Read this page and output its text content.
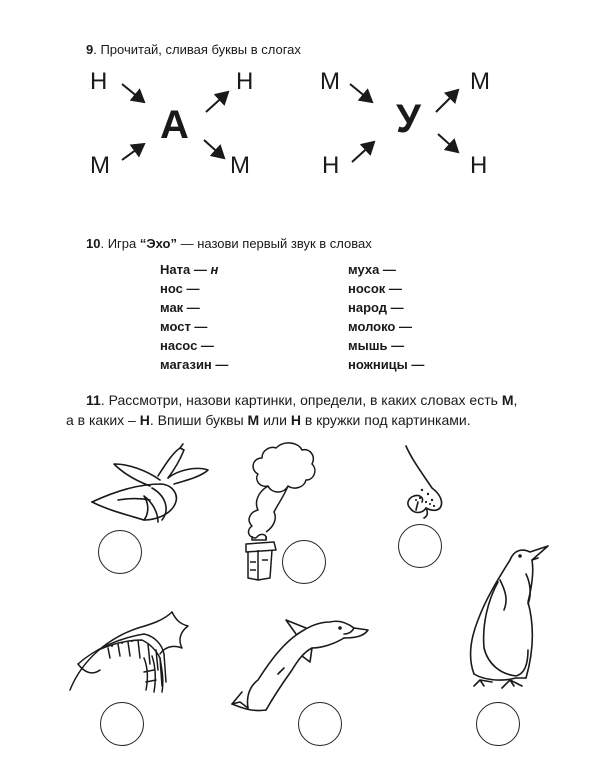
9. Прочитай, сливая буквы в слогах
Н
М
А
Н
М
М
Н
У
М
Н
10. Игра “Эхо” — назови первый звук в словах
Ната — н
нос —
мак —
мост —
насос —
магазин —
муха —
носок —
народ —
молоко —
мышь —
ножницы —
11. Рассмотри, назови картинки, определи, в каких словах есть М,
а в каких – Н. Впиши буквы М или Н в кружки под картинками.
